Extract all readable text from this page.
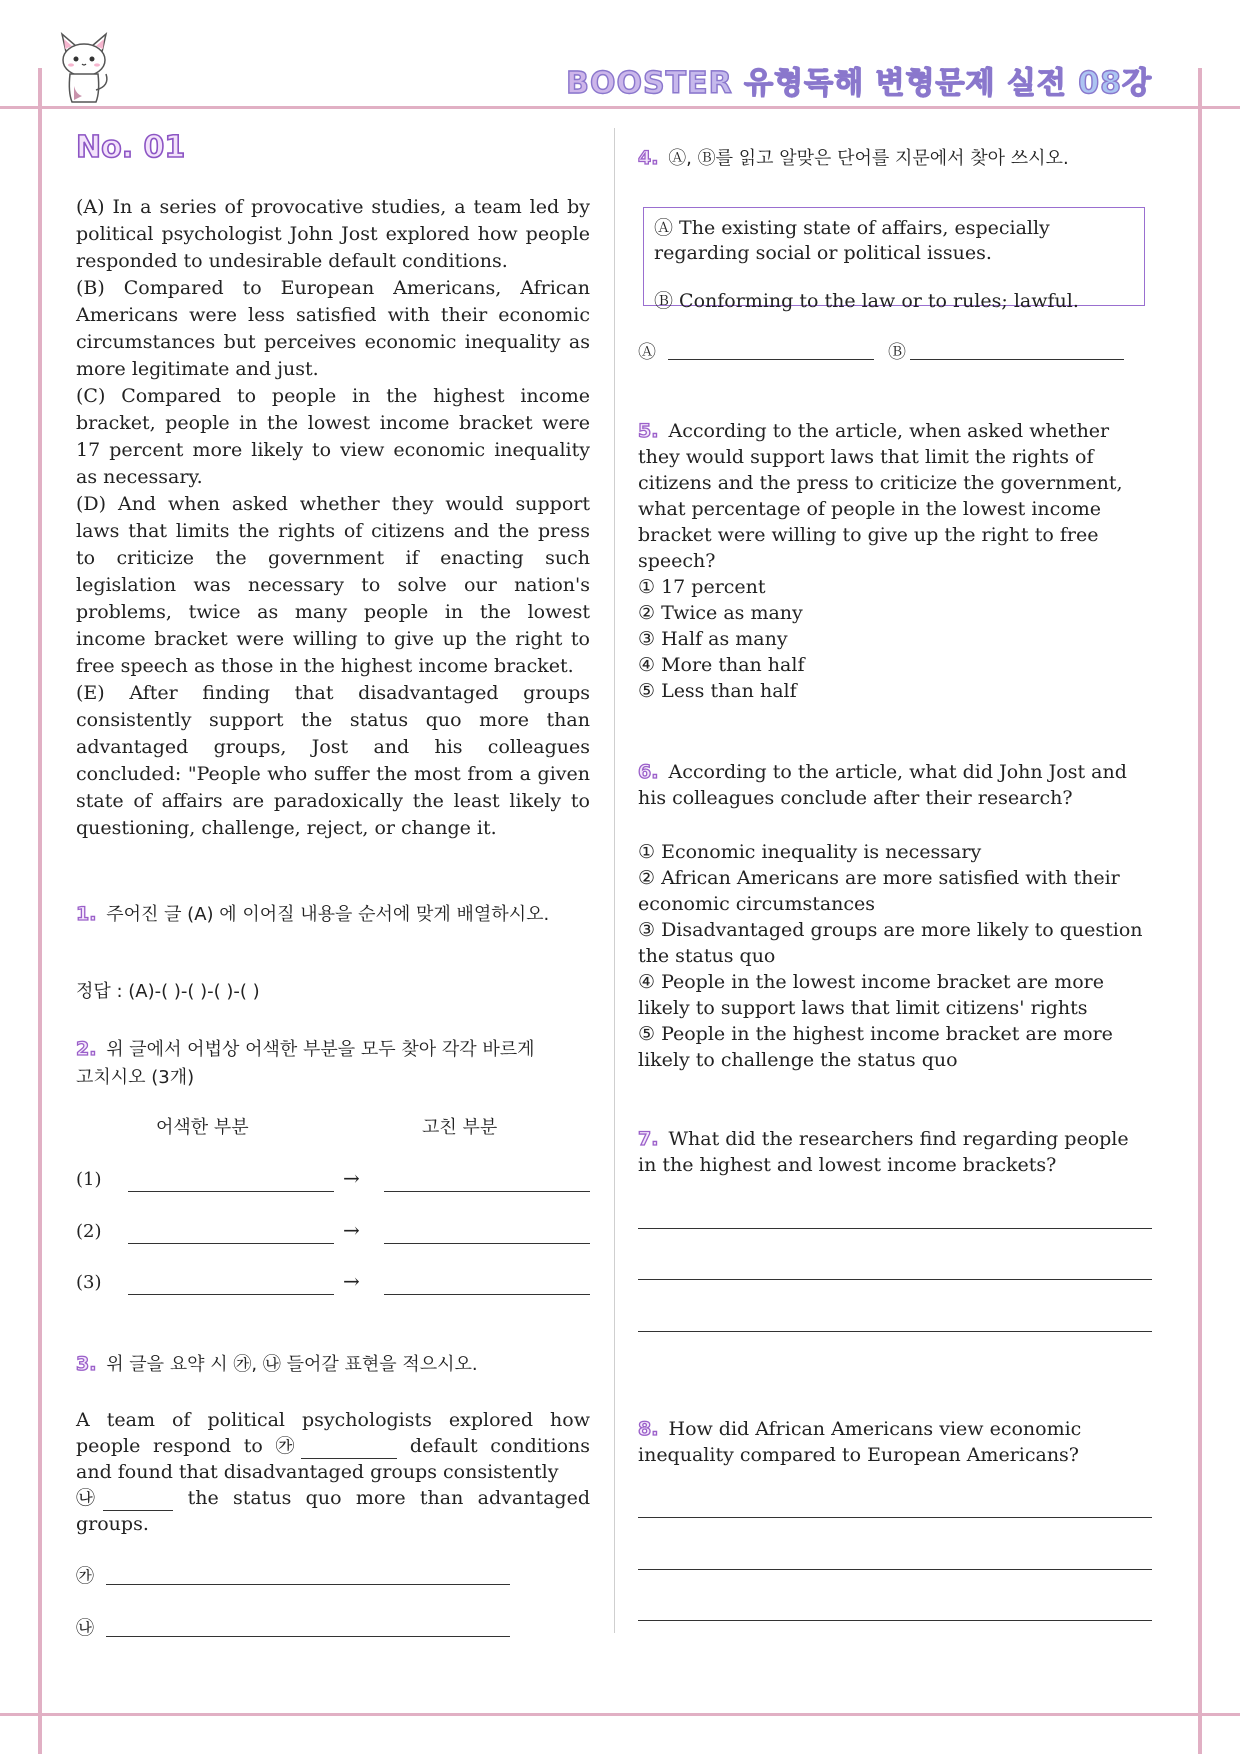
BOOSTER 유형독해 변형문제 실전 08강
No. 01

(A) In a series of provocative studies, a team led by political psychologist John Jost explored how people responded to undesirable default conditions.

(B) Compared to European Americans, African Americans were less satisfied with their economic circumstances but perceives economic inequality as more legitimate and just.

(C) Compared to people in the highest income bracket, people in the lowest income bracket were 17 percent more likely to view economic inequality as necessary.

(D) And when asked whether they would support laws that limits the rights of citizens and the press to criticize the government if enacting such legislation was necessary to solve our nation's problems, twice as many people in the lowest income bracket were willing to give up the right to free speech as those in the highest income bracket.

(E) After finding that disadvantaged groups consistently support the status quo more than advantaged groups, Jost and his colleagues concluded: "People who suffer the most from a given state of affairs are paradoxically the least likely to questioning, challenge, reject, or change it.

1. 주어진 글 (A) 에 이어질 내용을 순서에 맞게 배열하시오.
정답 : (A)-( )-( )-( )-( )
2. 위 글에서 어법상 어색한 부분을 모두 찾아 각각 바르게 고치시오 (3개)
어색한 부분	고친 부분
(1)	→
(2)	→
(3)	→
3. 위 글을 요약 시 ㉮, ㉯ 들어갈 표현을 적으시오.
A team of political psychologists explored how people respond to ㉮	default conditions and found that disadvantaged groups consistently
㉯	the status quo more than advantaged groups.
㉮
㉯
4. Ⓐ, Ⓑ를 읽고 알맞은 단어를 지문에서 찾아 쓰시오.

Ⓐ The existing state of affairs, especially regarding social or political issues.

Ⓑ Conforming to the law or to rules; lawful.

Ⓐ	Ⓑ
5. According to the article, when asked whether they would support laws that limit the rights of citizens and the press to criticize the government, what percentage of people in the lowest income bracket were willing to give up the right to free speech?

① 17 percent

② Twice as many

③ Half as many

④ More than half

⑤ Less than half

6. According to the article, what did John Jost and his colleagues conclude after their research?

① Economic inequality is necessary

② African Americans are more satisfied with their economic circumstances

③ Disadvantaged groups are more likely to question the status quo

④ People in the lowest income bracket are more likely to support laws that limit citizens' rights

⑤ People in the highest income bracket are more likely to challenge the status quo

7. What did the researchers find regarding people in the highest and lowest income brackets?
8. How did African Americans view economic inequality compared to European Americans?
